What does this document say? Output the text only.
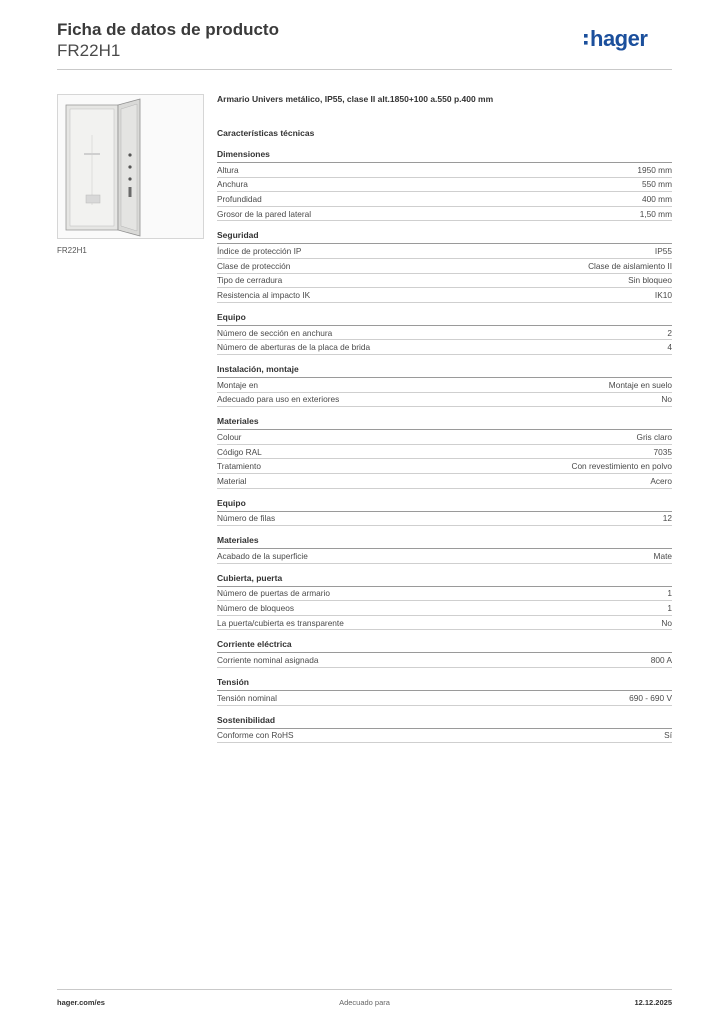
Ficha de datos de producto
FR22H1	hager
FR22H1
Armario Univers metálico, IP55, clase II alt.1850+100 a.550 p.400 mm
Características técnicas
Dimensiones
Altura	1950 mm
Anchura	550 mm
Profundidad	400 mm
Grosor de la pared lateral	1,50 mm
Seguridad
Índice de protección IP	IP55
Clase de protección	Clase de aislamiento II
Tipo de cerradura	Sin bloqueo
Resistencia al impacto IK	IK10
Equipo
Número de sección en anchura	2
Número de aberturas de la placa de brida	4
Instalación, montaje
Montaje en	Montaje en suelo
Adecuado para uso en exteriores	No
Materiales
Colour	Gris claro
Código RAL	7035
Tratamiento	Con revestimiento en polvo
Material	Acero
Equipo
Número de filas	12
Materiales
Acabado de la superficie	Mate
Cubierta, puerta
Número de puertas de armario	1
Número de bloqueos	1
La puerta/cubierta es transparente	No
Corriente eléctrica
Corriente nominal asignada	800 A
Tensión
Tensión nominal	690 - 690 V
Sostenibilidad
Conforme con RoHS	Sí
hager.com/es	Adecuado para	12.12.2025
